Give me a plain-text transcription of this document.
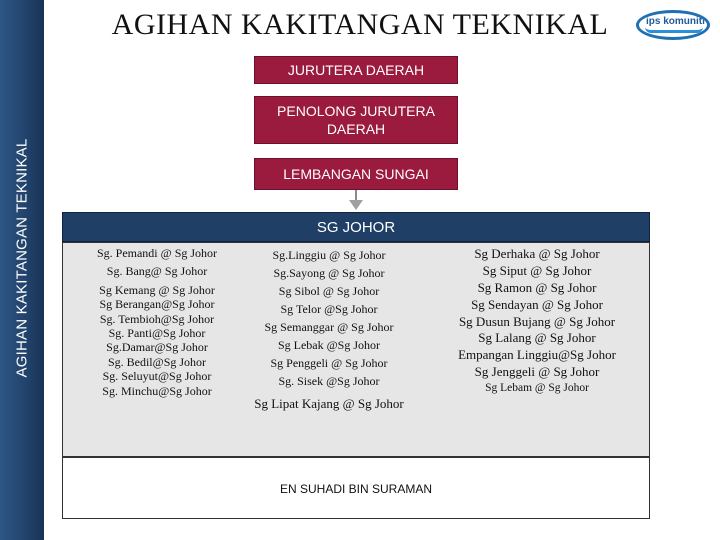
AGIHAN KAKITANGAN TEKNIKAL
AGIHAN KAKITANGAN TEKNIKAL	ips komuniti
JURUTERA DAERAH
PENOLONG JURUTERA DAERAH
LEMBANGAN SUNGAI
SG JOHOR
Sg. Pemandi @ Sg Johor
Sg. Bang@ Sg Johor
Sg Kemang @ Sg Johor
Sg Berangan@Sg Johor
Sg. Tembioh@Sg Johor
Sg. Panti@Sg Johor
Sg.Damar@Sg Johor
Sg. Bedil@Sg Johor
Sg. Seluyut@Sg Johor
Sg. Minchu@Sg Johor
Sg.Linggiu @ Sg Johor
Sg.Sayong @ Sg Johor
Sg Sibol @ Sg Johor
Sg Telor @Sg Johor
Sg Semanggar @ Sg Johor
Sg Lebak @Sg Johor
Sg Penggeli @ Sg Johor
Sg. Sisek @Sg Johor
Sg Lipat Kajang @ Sg Johor
Sg Derhaka @ Sg Johor
Sg Siput @ Sg Johor
Sg Ramon @ Sg Johor
Sg Sendayan @ Sg Johor
Sg Dusun Bujang @ Sg Johor
Sg Lalang @ Sg Johor
Empangan Linggiu@Sg Johor
Sg Jenggeli @ Sg Johor
Sg Lebam @ Sg Johor
EN SUHADI BIN SURAMAN
